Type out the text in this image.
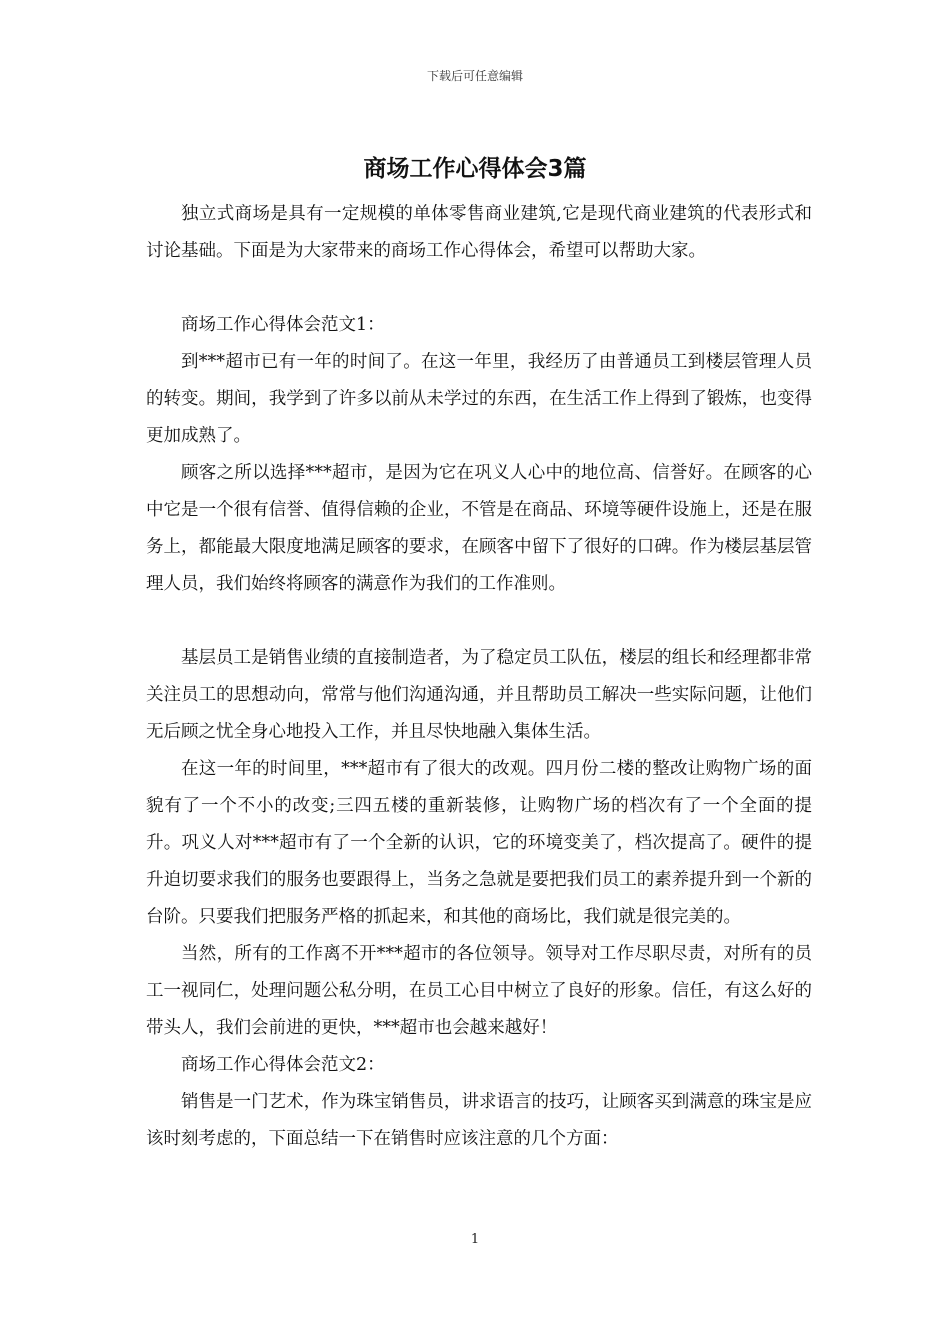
下载后可任意编辑
商场工作心得体会3篇

独立式商场是具有一定规模的单体零售商业建筑,它是现代商业建筑的代表形式和讨论基础。下面是为大家带来的商场工作心得体会，希望可以帮助大家。

商场工作心得体会范文1：

到***超市已有一年的时间了。在这一年里，我经历了由普通员工到楼层管理人员的转变。期间，我学到了许多以前从未学过的东西，在生活工作上得到了锻炼，也变得更加成熟了。

顾客之所以选择***超市，是因为它在巩义人心中的地位高、信誉好。在顾客的心中它是一个很有信誉、值得信赖的企业，不管是在商品、环境等硬件设施上，还是在服务上，都能最大限度地满足顾客的要求，在顾客中留下了很好的口碑。作为楼层基层管理人员，我们始终将顾客的满意作为我们的工作准则。

基层员工是销售业绩的直接制造者，为了稳定员工队伍，楼层的组长和经理都非常关注员工的思想动向，常常与他们沟通沟通，并且帮助员工解决一些实际问题，让他们无后顾之忧全身心地投入工作，并且尽快地融入集体生活。

在这一年的时间里，***超市有了很大的改观。四月份二楼的整改让购物广场的面貌有了一个不小的改变;三四五楼的重新装修，让购物广场的档次有了一个全面的提升。巩义人对***超市有了一个全新的认识，它的环境变美了，档次提高了。硬件的提升迫切要求我们的服务也要跟得上，当务之急就是要把我们员工的素养提升到一个新的台阶。只要我们把服务严格的抓起来，和其他的商场比，我们就是很完美的。

当然，所有的工作离不开***超市的各位领导。领导对工作尽职尽责，对所有的员工一视同仁，处理问题公私分明，在员工心目中树立了良好的形象。信任，有这么好的带头人，我们会前进的更快，***超市也会越来越好！

商场工作心得体会范文2：

销售是一门艺术，作为珠宝销售员，讲求语言的技巧，让顾客买到满意的珠宝是应该时刻考虑的，下面总结一下在销售时应该注意的几个方面：

1
